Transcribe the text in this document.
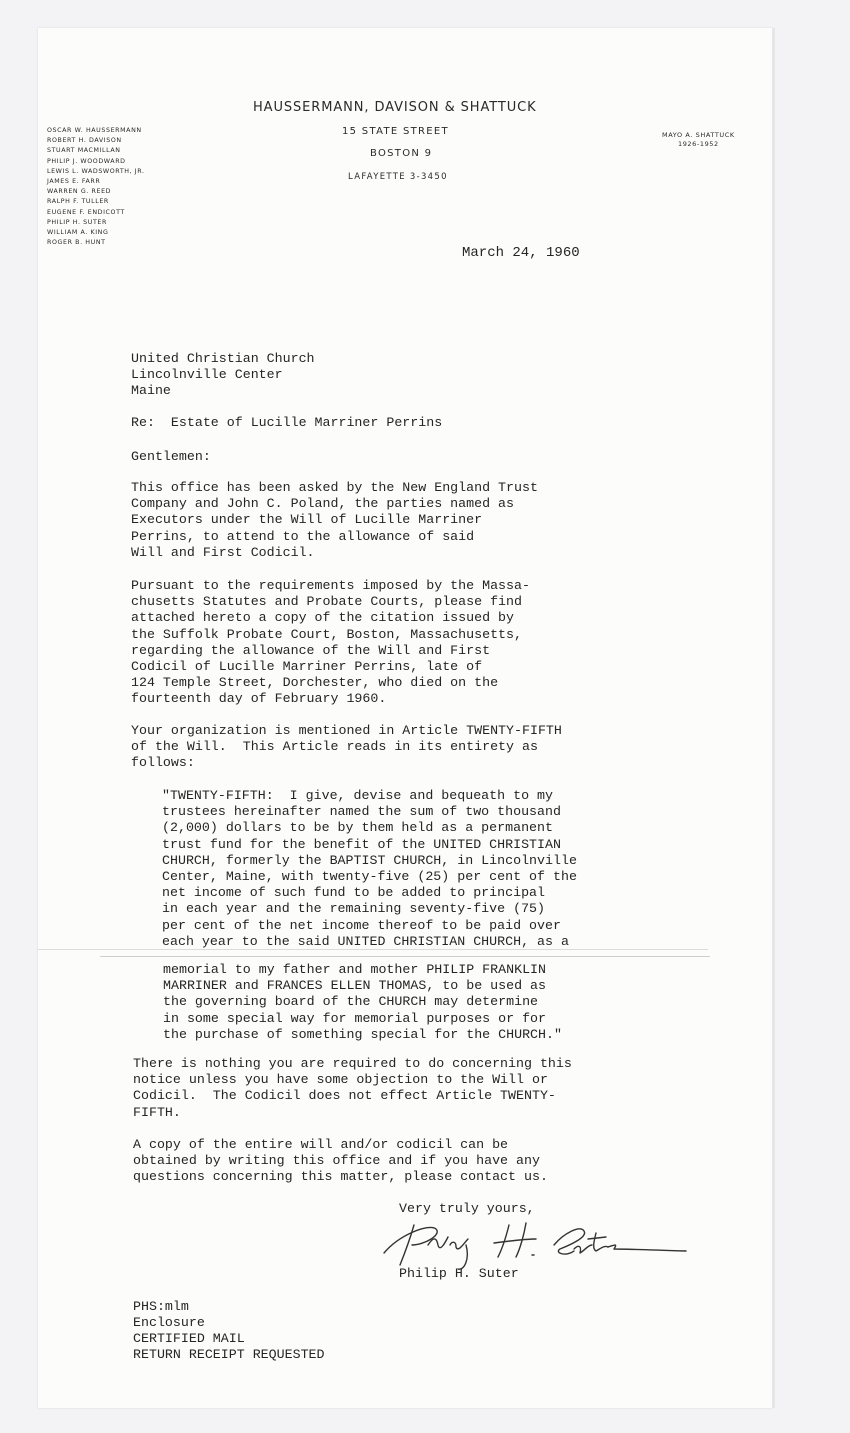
HAUSSERMANN, DAVISON & SHATTUCK
15 STATE STREET
BOSTON 9
LAFAYETTE 3-3450
OSCAR W. HAUSSERMANN
ROBERT H. DAVISON
STUART MACMILLAN
PHILIP J. WOODWARD
LEWIS L. WADSWORTH, JR.
JAMES E. FARR
WARREN G. REED
RALPH F. TULLER
EUGENE F. ENDICOTT
PHILIP H. SUTER
WILLIAM A. KING
ROGER B. HUNT
MAYO A. SHATTUCK
1926-1952
March 24, 1960
United Christian Church
Lincolnville Center
Maine
Re:  Estate of Lucille Marriner Perrins
Gentlemen:
This office has been asked by the New England Trust
Company and John C. Poland, the parties named as
Executors under the Will of Lucille Marriner
Perrins, to attend to the allowance of said
Will and First Codicil.
Pursuant to the requirements imposed by the Massa-
chusetts Statutes and Probate Courts, please find
attached hereto a copy of the citation issued by
the Suffolk Probate Court, Boston, Massachusetts,
regarding the allowance of the Will and First
Codicil of Lucille Marriner Perrins, late of
124 Temple Street, Dorchester, who died on the
fourteenth day of February 1960.
Your organization is mentioned in Article TWENTY-FIFTH
of the Will.  This Article reads in its entirety as
follows:
"TWENTY-FIFTH:  I give, devise and bequeath to my
trustees hereinafter named the sum of two thousand
(2,000) dollars to be by them held as a permanent
trust fund for the benefit of the UNITED CHRISTIAN
CHURCH, formerly the BAPTIST CHURCH, in Lincolnville
Center, Maine, with twenty-five (25) per cent of the
net income of such fund to be added to principal
in each year and the remaining seventy-five (75)
per cent of the net income thereof to be paid over
each year to the said UNITED CHRISTIAN CHURCH, as a
memorial to my father and mother PHILIP FRANKLIN
MARRINER and FRANCES ELLEN THOMAS, to be used as
the governing board of the CHURCH may determine
in some special way for memorial purposes or for
the purchase of something special for the CHURCH."
There is nothing you are required to do concerning this
notice unless you have some objection to the Will or
Codicil.  The Codicil does not effect Article TWENTY-
FIFTH.
A copy of the entire will and/or codicil can be
obtained by writing this office and if you have any
questions concerning this matter, please contact us.
Very truly yours,
Philip H. Suter
PHS:mlm
Enclosure
CERTIFIED MAIL
RETURN RECEIPT REQUESTED
